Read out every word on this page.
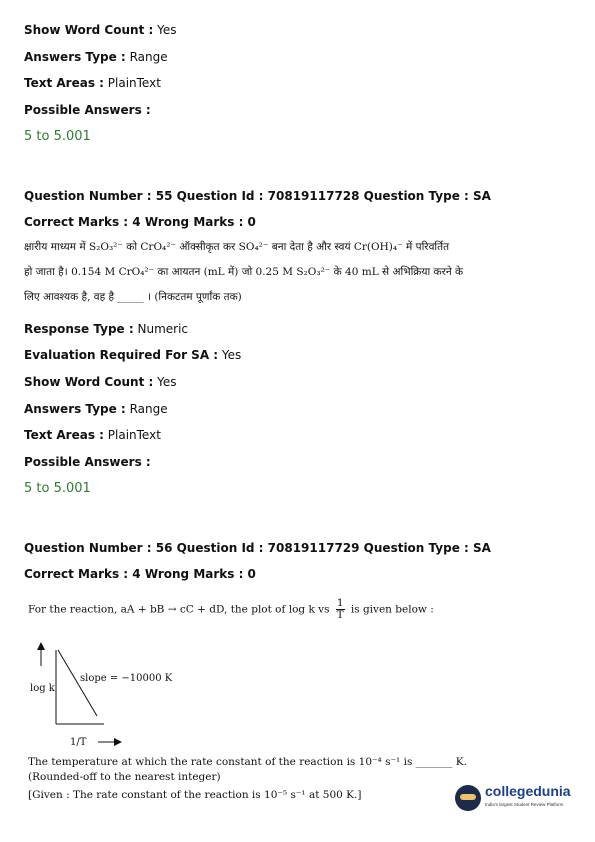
Show Word Count : Yes
Answers Type : Range
Text Areas : PlainText
Possible Answers :
5 to 5.001
Question Number : 55 Question Id : 70819117728 Question Type : SA
Correct Marks : 4 Wrong Marks : 0
क्षारीय माध्यम में S₂O₃²⁻ को CrO₄²⁻ ऑक्सीकृत कर SO₄²⁻ बना देता है और स्वयं Cr(OH)₄⁻ में परिवर्तित
हो जाता है। 0.154 M CrO₄²⁻ का आयतन (mL में) जो 0.25 M S₂O₃²⁻ के 40 mL से अभिक्रिया करने के
लिए आवश्यक है, वह है _____ । (निकटतम पूर्णांक तक)
Response Type : Numeric
Evaluation Required For SA : Yes
Show Word Count : Yes
Answers Type : Range
Text Areas : PlainText
Possible Answers :
5 to 5.001
Question Number : 56 Question Id : 70819117729 Question Type : SA
Correct Marks : 4 Wrong Marks : 0
For the reaction, aA + bB → cC + dD, the plot of log k vs $\frac{1}{T}$ is given below :
log k
slope = −10000 K
1/T
The temperature at which the rate constant of the reaction is 10⁻⁴ s⁻¹ is _______ K.
(Rounded-off to the nearest integer)
[Given : The rate constant of the reaction is 10⁻⁵ s⁻¹ at 500 K.]	collegedunia
India's largest Student Review Platform
